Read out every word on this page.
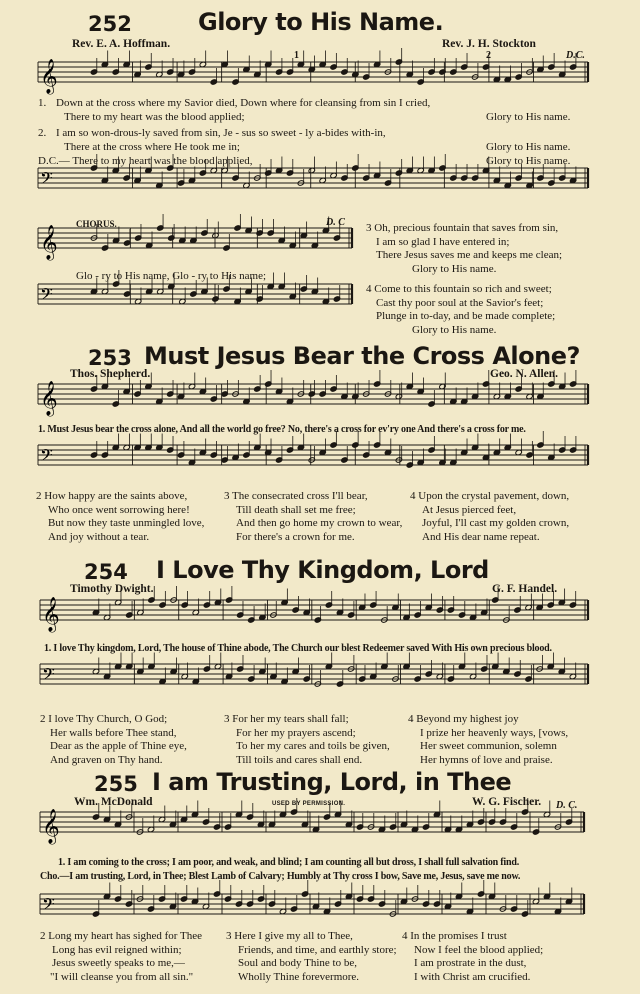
𝄞
𝄢
𝄞
𝄢
𝄞
𝄢
𝄞
𝄢
𝄞
𝄢
252	Glory to His Name.
Rev. E. A. Hoffman.	Rev. J. H. Stockton
1	2	D.C.
1. Down at the cross where my Savior died, Down where for cleansing from sin I cried,
There to my heart was the blood applied;
2. I am so won-drous-ly saved from sin, Je - sus so sweet - ly a-bides with-in,
There at the cross where He took me in;
D.C.— There to my heart was the blood applied,
Glory to His name.
Glory to His name.
Glory to His name.
CHORUS.	D. C
Glo - ry to His name, Glo - ry to His name;
3 Oh, precious fountain that saves from sin,
I am so glad I have entered in;
There Jesus saves me and keeps me clean;
Glory to His name.
4 Come to this fountain so rich and sweet;
Cast thy poor soul at the Savior's feet;
Plunge in to-day, and be made complete;
Glory to His name.
253 Must Jesus Bear the Cross Alone?
Thos. Shepherd.	Geo. N. Allen.
1. Must Jesus bear the cross alone, And all the world go free? No, there's a cross for ev'ry one And there's a cross for me.
2 How happy are the saints above,
Who once went sorrowing here!
But now they taste unmingled love,
And joy without a tear.
3 The consecrated cross I'll bear,
Till death shall set me free;
And then go home my crown to wear,
For there's a crown for me.
4 Upon the crystal pavement, down,
At Jesus pierced feet,
Joyful, I'll cast my golden crown,
And His dear name repeat.
254 I Love Thy Kingdom, Lord
Timothy Dwight.	G. F. Handel.
1. I love Thy kingdom, Lord, The house of Thine abode, The Church our blest Redeemer saved With His own precious blood.
2 I love Thy Church, O God;
Her walls before Thee stand,
Dear as the apple of Thine eye,
And graven on Thy hand.
3 For her my tears shall fall;
For her my prayers ascend;
To her my cares and toils be given,
Till toils and cares shall end.
4 Beyond my highest joy
I prize her heavenly ways, [vows,
Her sweet communion, solemn
Her hymns of love and praise.
255 I am Trusting, Lord, in Thee
Wm. McDonald	USED BY PERMISSION.	W. G. Fischer. D. C.
1. I am coming to the cross; I am poor, and weak, and blind; I am counting all but dross, I shall full salvation find.
Cho.—I am trusting, Lord, in Thee; Blest Lamb of Calvary; Humbly at Thy cross I bow, Save me, Jesus, save me now.
2 Long my heart has sighed for Thee
Long has evil reigned within;
Jesus sweetly speaks to me,—
"I will cleanse you from all sin."
3 Here I give my all to Thee,
Friends, and time, and earthly store;
Soul and body Thine to be,
Wholly Thine forevermore.
4 In the promises I trust
Now I feel the blood applied;
I am prostrate in the dust,
I with Christ am crucified.
